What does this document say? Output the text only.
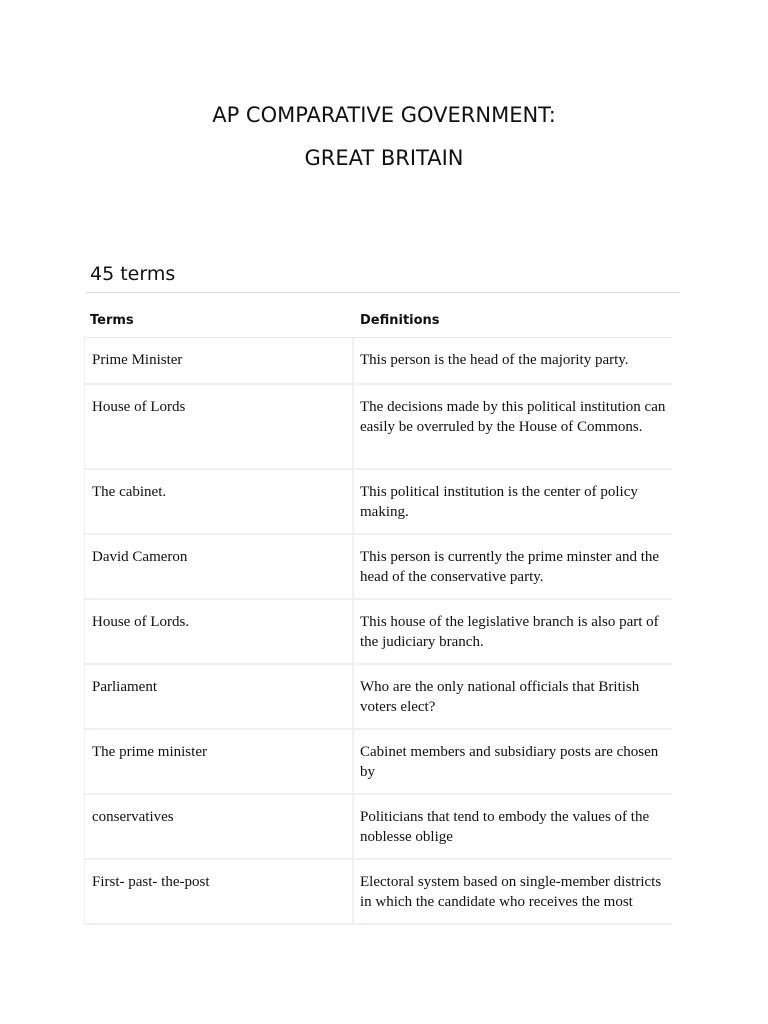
AP COMPARATIVE GOVERNMENT:
GREAT BRITAIN
45 terms
Terms	Definitions
Prime Minister	This person is the head of the majority party.
House of Lords	The decisions made by this political institution can easily be overruled by the House of Commons.
The cabinet.	This political institution is the center of policy making.
David Cameron	This person is currently the prime minster and the head of the conservative party.
House of Lords.	This house of the legislative branch is also part of the judiciary branch.
Parliament	Who are the only national officials that British voters elect?
The prime minister	Cabinet members and subsidiary posts are chosen by
conservatives	Politicians that tend to embody the values of the noblesse oblige
First- past- the-post	Electoral system based on single-member districts in which the candidate who receives the most
